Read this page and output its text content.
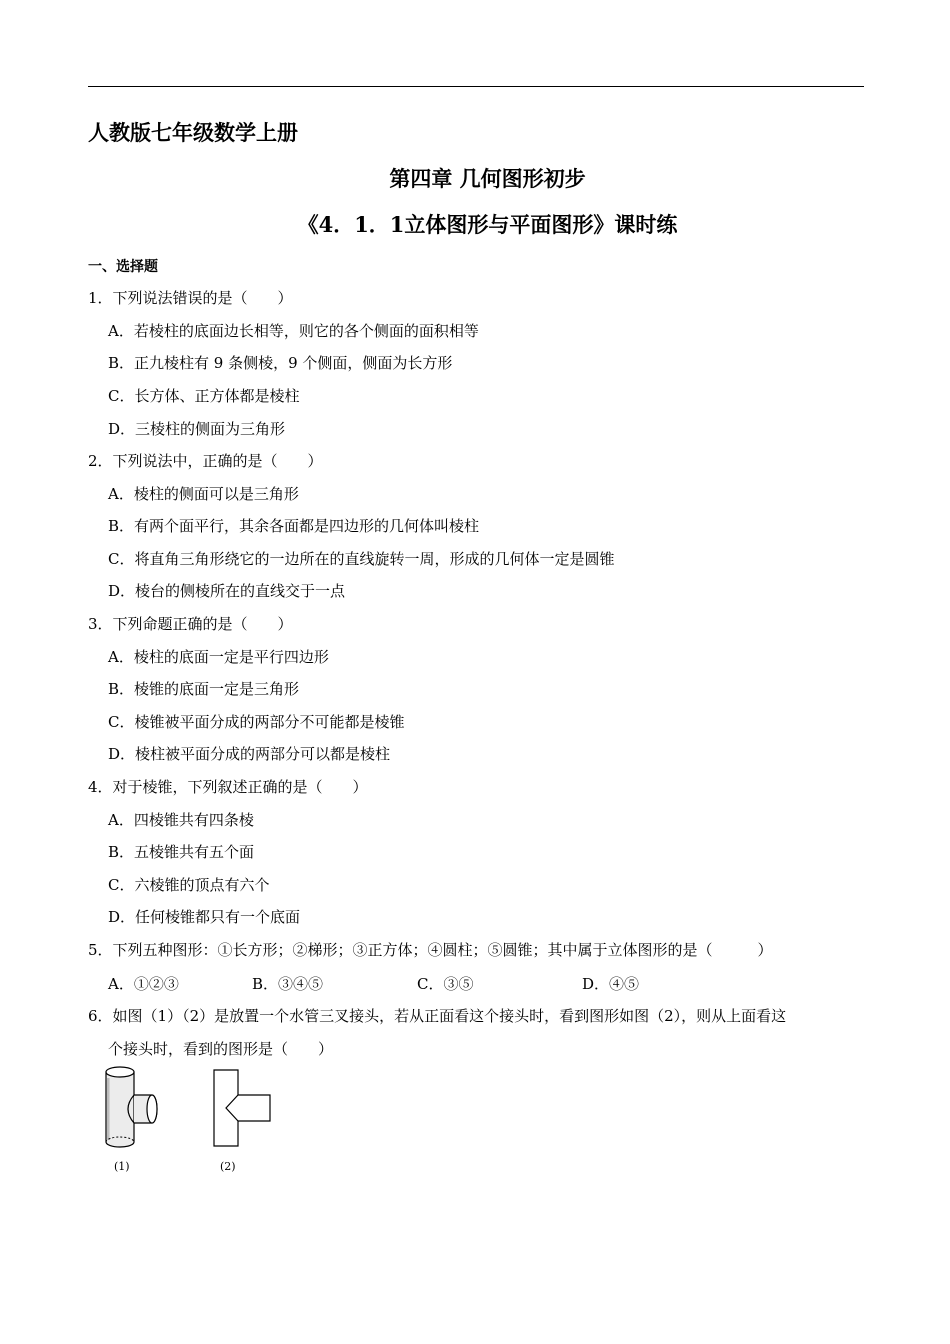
人教版七年级数学上册
第四章 几何图形初步
《4．1．1立体图形与平面图形》课时练
一、选择题
1．下列说法错误的是（　　）
A．若棱柱的底面边长相等，则它的各个侧面的面积相等
B．正九棱柱有 9 条侧棱，9 个侧面，侧面为长方形
C．长方体、正方体都是棱柱
D．三棱柱的侧面为三角形
2．下列说法中，正确的是（　　）
A．棱柱的侧面可以是三角形
B．有两个面平行，其余各面都是四边形的几何体叫棱柱
C．将直角三角形绕它的一边所在的直线旋转一周，形成的几何体一定是圆锥
D．棱台的侧棱所在的直线交于一点
3．下列命题正确的是（　　）
A．棱柱的底面一定是平行四边形
B．棱锥的底面一定是三角形
C．棱锥被平面分成的两部分不可能都是棱锥
D．棱柱被平面分成的两部分可以都是棱柱
4．对于棱锥，下列叙述正确的是（　　）
A．四棱锥共有四条棱
B．五棱锥共有五个面
C．六棱锥的顶点有六个
D．任何棱锥都只有一个底面
5．下列五种图形：①长方形；②梯形；③正方体；④圆柱；⑤圆锥；其中属于立体图形的是（　　　）
A．①②③	B．③④⑤	C．③⑤	D．④⑤
6．如图（1）（2）是放置一个水管三叉接头，若从正面看这个接头时，看到图形如图（2），则从上面看这
个接头时，看到的图形是（　　）
(1)	(2)
